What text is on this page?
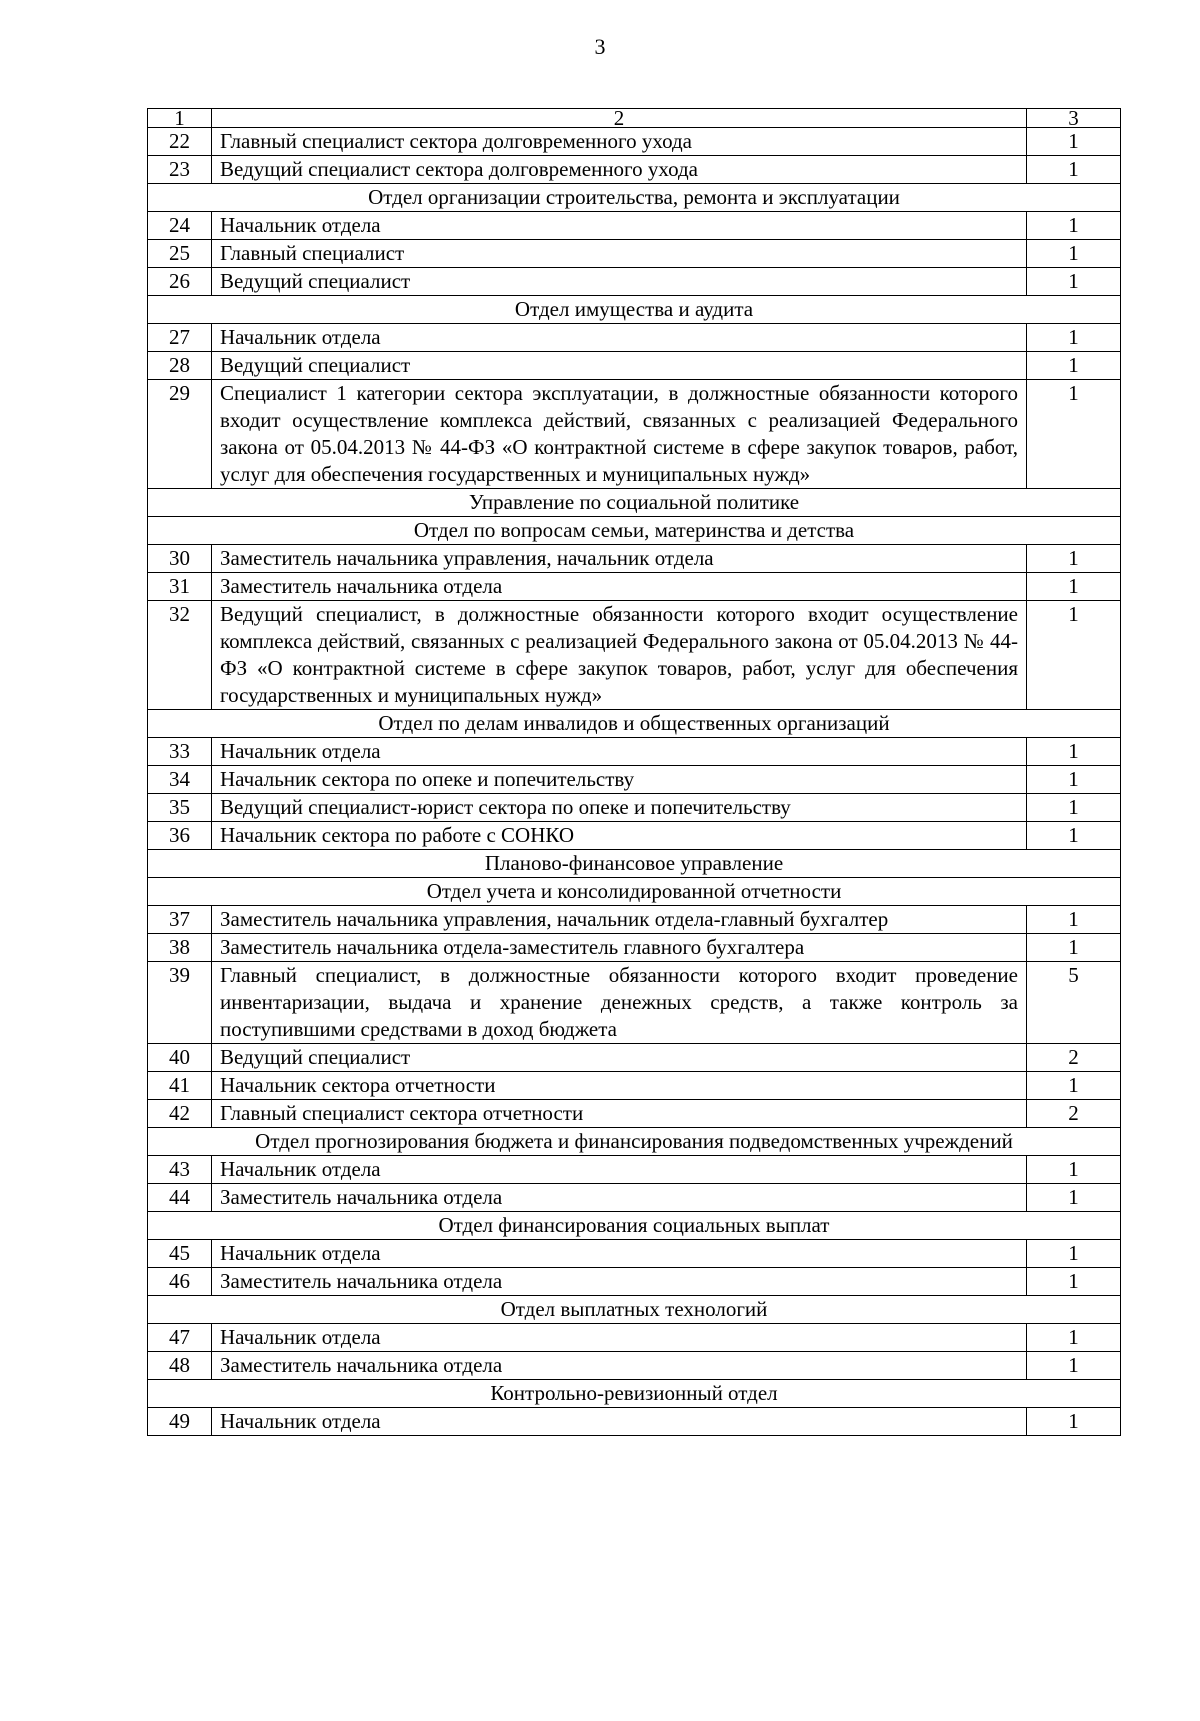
3
1	2	3
22	Главный специалист сектора долговременного ухода	1
23	Ведущий специалист сектора долговременного ухода	1
Отдел организации строительства, ремонта и эксплуатации		
24	Начальник отдела	1
25	Главный специалист	1
26	Ведущий специалист	1
Отдел имущества и аудита		
27	Начальник отдела	1
28	Ведущий специалист	1
29	Специалист 1 категории сектора эксплуатации, в должностные обязанности которого входит осуществление комплекса действий, связанных с реализацией Федерального закона от 05.04.2013 № 44-ФЗ «О контрактной системе в сфере закупок товаров, работ, услуг для обеспечения государственных и муниципальных нужд»	1
Управление по социальной политике		
Отдел по вопросам семьи, материнства и детства		
30	Заместитель начальника управления, начальник отдела	1
31	Заместитель начальника отдела	1
32	Ведущий специалист, в должностные обязанности которого входит осуществление комплекса действий, связанных с реализацией Федерального закона от 05.04.2013 № 44-ФЗ «О контрактной системе в сфере закупок товаров, работ, услуг для обеспечения государственных и муниципальных нужд»	1
Отдел по делам инвалидов и общественных организаций		
33	Начальник отдела	1
34	Начальник сектора по опеке и попечительству	1
35	Ведущий специалист-юрист сектора по опеке и попечительству	1
36	Начальник сектора по работе с СОНКО	1
Планово-финансовое управление		
Отдел учета и консолидированной отчетности		
37	Заместитель начальника управления, начальник отдела-главный бухгалтер	1
38	Заместитель начальника отдела-заместитель главного бухгалтера	1
39	Главный специалист, в должностные обязанности которого входит проведение инвентаризации, выдача и хранение денежных средств, а также контроль за поступившими средствами в доход бюджета	5
40	Ведущий специалист	2
41	Начальник сектора отчетности	1
42	Главный специалист сектора отчетности	2
Отдел прогнозирования бюджета и финансирования подведомственных учреждений		
43	Начальник отдела	1
44	Заместитель начальника отдела	1
Отдел финансирования социальных выплат		
45	Начальник отдела	1
46	Заместитель начальника отдела	1
Отдел выплатных технологий		
47	Начальник отдела	1
48	Заместитель начальника отдела	1
Контрольно-ревизионный отдел		
49	Начальник отдела	1
